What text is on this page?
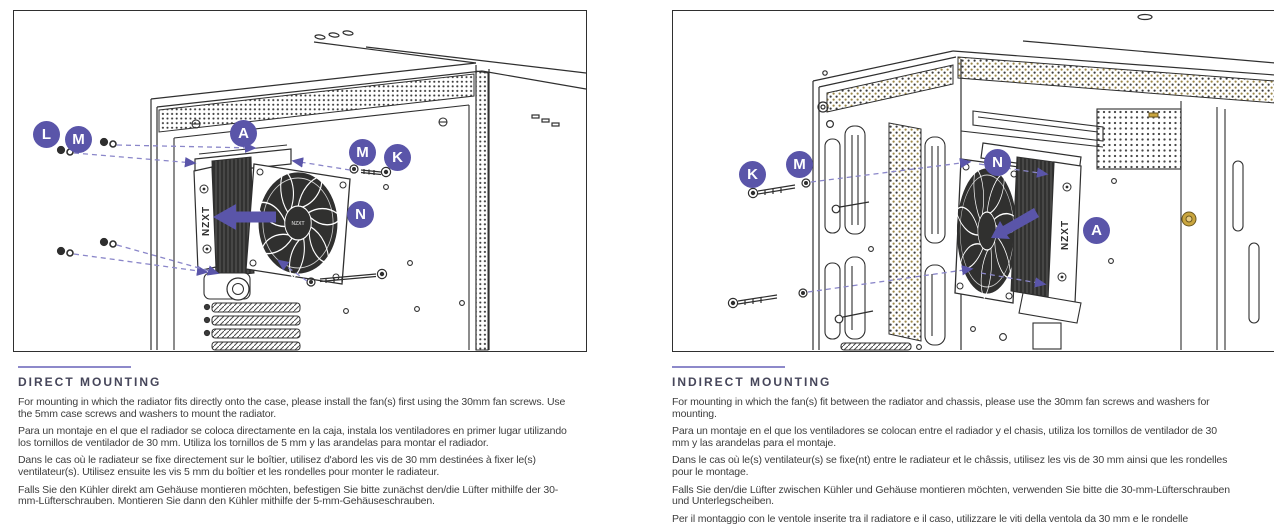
NZXT	NZXT
L	M	A
M	K
N
NZXT
K
M	N
A
DIRECT MOUNTING

For mounting in which the radiator fits directly onto the case, please install the fan(s) first using the 30mm fan screws. Use the 5mm case screws and washers to mount the radiator.

Para un montaje en el que el radiador se coloca directamente en la caja, instala los ventiladores en primer lugar utilizando los tornillos de ventilador de 30 mm. Utiliza los tornillos de 5 mm y las arandelas para montar el radiador.

Dans le cas où le radiateur se fixe directement sur le boîtier, utilisez d'abord les vis de 30 mm destinées à fixer le(s) ventilateur(s). Utilisez ensuite les vis 5 mm du boîtier et les rondelles pour monter le radiateur.

Falls Sie den Kühler direkt am Gehäuse montieren möchten, befestigen Sie bitte zunächst den/die Lüfter mithilfe der 30-mm-Lüfterschrauben. Montieren Sie dann den Kühler mithilfe der 5-mm-Gehäuseschrauben.

INDIRECT MOUNTING

For mounting in which the fan(s) fit between the radiator and chassis, please use the 30mm fan screws and washers for mounting.

Para un montaje en el que los ventiladores se colocan entre el radiador y el chasis, utiliza los tornillos de ventilador de 30 mm y las arandelas para el montaje.

Dans le cas où le(s) ventilateur(s) se fixe(nt) entre le radiateur et le châssis, utilisez les vis de 30 mm ainsi que les rondelles pour le montage.

Falls Sie den/die Lüfter zwischen Kühler und Gehäuse montieren möchten, verwenden Sie bitte die 30-mm-Lüfterschrauben und Unterlegscheiben.

Per il montaggio con le ventole inserite tra il radiatore e il caso, utilizzare le viti della ventola da 30 mm e le rondelle
